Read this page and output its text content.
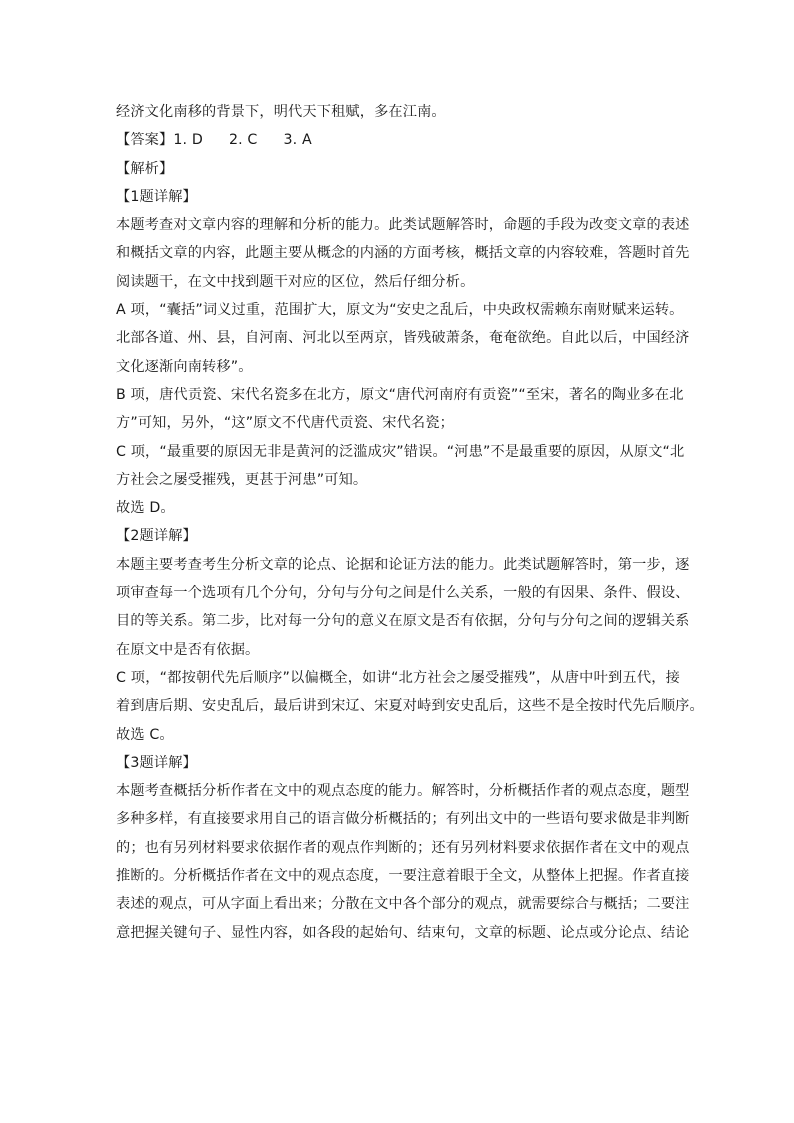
经济文化南移的背景下，明代天下租赋，多在江南。
【答案】1. D 2. C 3. A
【解析】
【1题详解】
本题考查对文章内容的理解和分析的能力。此类试题解答时，命题的手段为改变文章的表述
和概括文章的内容，此题主要从概念的内涵的方面考核，概括文章的内容较难，答题时首先
阅读题干，在文中找到题干对应的区位，然后仔细分析。
A 项，“囊括”词义过重，范围扩大，原文为“安史之乱后，中央政权需赖东南财赋来运转。
北部各道、州、县，自河南、河北以至两京，皆残破萧条，奄奄欲绝。自此以后，中国经济
文化逐渐向南转移”。
B 项，唐代贡瓷、宋代名瓷多在北方，原文“唐代河南府有贡瓷”“至宋，著名的陶业多在北
方”可知，另外，“这”原文不代唐代贡瓷、宋代名瓷；
C 项，“最重要的原因无非是黄河的泛滥成灾”错误。“河患”不是最重要的原因，从原文“北
方社会之屡受摧残，更甚于河患”可知。
故选 D。
【2题详解】
本题主要考查考生分析文章的论点、论据和论证方法的能力。此类试题解答时，第一步，逐
项审查每一个选项有几个分句，分句与分句之间是什么关系，一般的有因果、条件、假设、
目的等关系。第二步，比对每一分句的意义在原文是否有依据，分句与分句之间的逻辑关系
在原文中是否有依据。
C 项，“都按朝代先后顺序”以偏概全，如讲“北方社会之屡受摧残”，从唐中叶到五代，接
着到唐后期、安史乱后，最后讲到宋辽、宋夏对峙到安史乱后，这些不是全按时代先后顺序。
故选 C。
【3题详解】
本题考查概括分析作者在文中的观点态度的能力。解答时，分析概括作者的观点态度，题型
多种多样，有直接要求用自己的语言做分析概括的；有列出文中的一些语句要求做是非判断
的；也有另列材料要求依据作者的观点作判断的；还有另列材料要求依据作者在文中的观点
推断的。分析概括作者在文中的观点态度，一要注意着眼于全文，从整体上把握。作者直接
表述的观点，可从字面上看出来；分散在文中各个部分的观点，就需要综合与概括；二要注
意把握关键句子、显性内容，如各段的起始句、结束句，文章的标题、论点或分论点、结论
